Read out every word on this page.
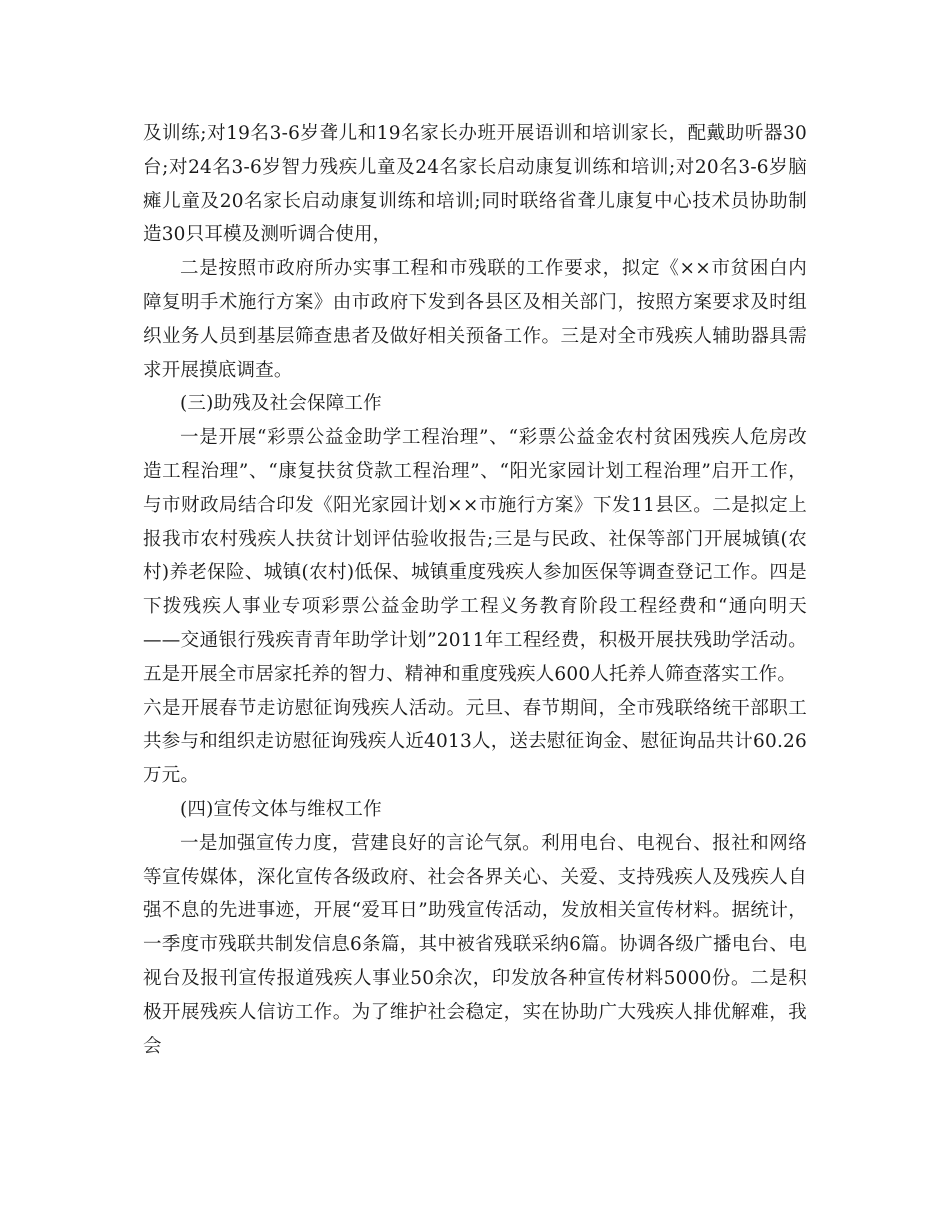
及训练;对19名3-6岁聋儿和19名家长办班开展语训和培训家长，配戴助听器30台;对24名3-6岁智力残疾儿童及24名家长启动康复训练和培训;对20名3-6岁脑瘫儿童及20名家长启动康复训练和培训;同时联络省聋儿康复中心技术员协助制造30只耳模及测听调合使用，

二是按照市政府所办实事工程和市残联的工作要求，拟定《××市贫困白内障复明手术施行方案》由市政府下发到各县区及相关部门，按照方案要求及时组织业务人员到基层筛查患者及做好相关预备工作。三是对全市残疾人辅助器具需求开展摸底调查。

(三)助残及社会保障工作

一是开展“彩票公益金助学工程治理”、“彩票公益金农村贫困残疾人危房改造工程治理”、“康复扶贫贷款工程治理”、“阳光家园计划工程治理”启开工作，与市财政局结合印发《阳光家园计划××市施行方案》下发11县区。二是拟定上报我市农村残疾人扶贫计划评估验收报告;三是与民政、社保等部门开展城镇(农村)养老保险、城镇(农村)低保、城镇重度残疾人参加医保等调查登记工作。四是下拨残疾人事业专项彩票公益金助学工程义务教育阶段工程经费和“通向明天——交通银行残疾青青年助学计划”2011年工程经费，积极开展扶残助学活动。五是开展全市居家托养的智力、精神和重度残疾人600人托养人筛查落实工作。

六是开展春节走访慰征询残疾人活动。元旦、春节期间，全市残联络统干部职工共参与和组织走访慰征询残疾人近4013人，送去慰征询金、慰征询品共计60.26万元。

(四)宣传文体与维权工作

一是加强宣传力度，营建良好的言论气氛。利用电台、电视台、报社和网络等宣传媒体，深化宣传各级政府、社会各界关心、关爱、支持残疾人及残疾人自强不息的先进事迹，开展“爱耳日”助残宣传活动，发放相关宣传材料。据统计，一季度市残联共制发信息6条篇，其中被省残联采纳6篇。协调各级广播电台、电视台及报刊宣传报道残疾人事业50余次，印发放各种宣传材料5000份。二是积极开展残疾人信访工作。为了维护社会稳定，实在协助广大残疾人排优解难，我会
